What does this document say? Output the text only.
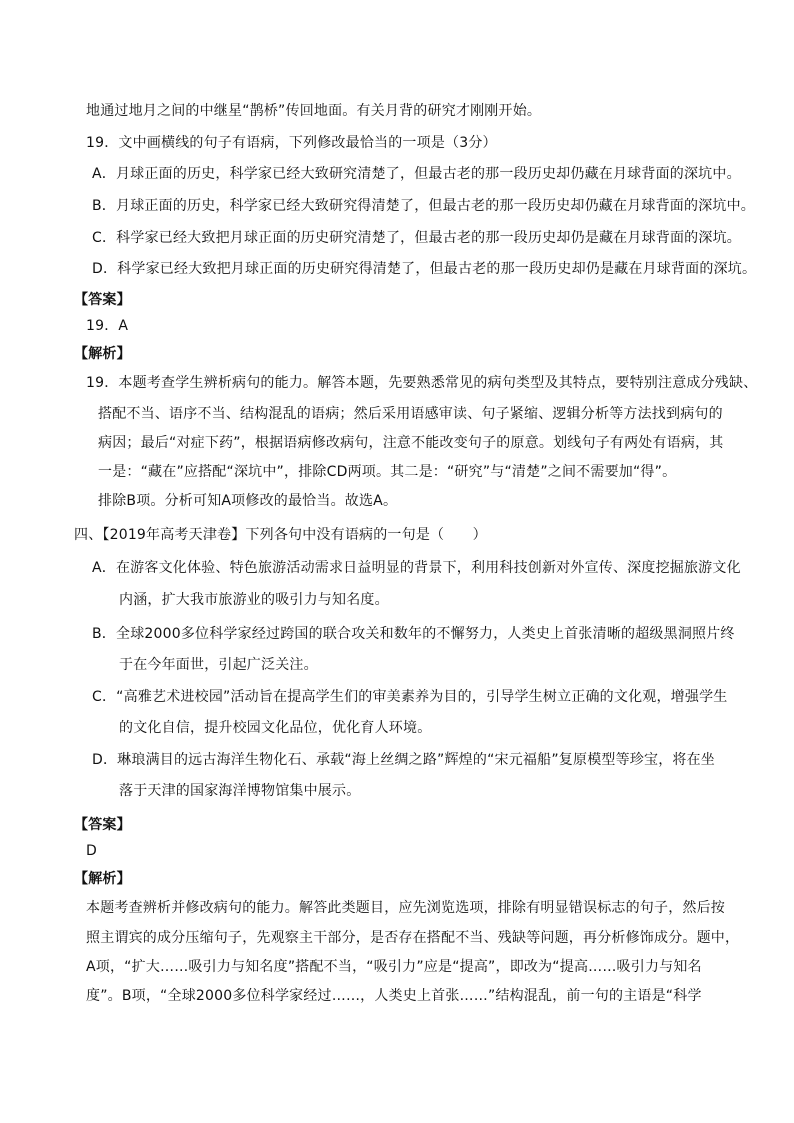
地通过地月之间的中继星“鹊桥”传回地面。有关月背的研究才刚刚开始。
19．文中画横线的句子有语病，下列修改最恰当的一项是（3分）
A．月球正面的历史，科学家已经大致研究清楚了，但最古老的那一段历史却仍藏在月球背面的深坑中。
B．月球正面的历史，科学家已经大致研究得清楚了，但最古老的那一段历史却仍藏在月球背面的深坑中。
C．科学家已经大致把月球正面的历史研究清楚了，但最古老的那一段历史却仍是藏在月球背面的深坑。
D．科学家已经大致把月球正面的历史研究得清楚了，但最古老的那一段历史却仍是藏在月球背面的深坑。
【答案】
19．A
【解析】
19．本题考查学生辨析病句的能力。解答本题，先要熟悉常见的病句类型及其特点，要特别注意成分残缺、
搭配不当、语序不当、结构混乱的语病；然后采用语感审读、句子紧缩、逻辑分析等方法找到病句的
病因；最后“对症下药”，根据语病修改病句，注意不能改变句子的原意。划线句子有两处有语病，其
一是：“藏在”应搭配“深坑中”，排除CD两项。其二是：“研究”与“清楚”之间不需要加“得”。
排除B项。分析可知A项修改的最恰当。故选A。
四、【2019年高考天津卷】下列各句中没有语病的一句是（　　）
A．在游客文化体验、特色旅游活动需求日益明显的背景下，利用科技创新对外宣传、深度挖掘旅游文化
内涵，扩大我市旅游业的吸引力与知名度。
B．全球2000多位科学家经过跨国的联合攻关和数年的不懈努力，人类史上首张清晰的超级黑洞照片终
于在今年面世，引起广泛关注。
C．“高雅艺术进校园”活动旨在提高学生们的审美素养为目的，引导学生树立正确的文化观，增强学生
的文化自信，提升校园文化品位，优化育人环境。
D．琳琅满目的远古海洋生物化石、承载“海上丝绸之路”辉煌的“宋元福船”复原模型等珍宝，将在坐
落于天津的国家海洋博物馆集中展示。
【答案】
D
【解析】
本题考查辨析并修改病句的能力。解答此类题目，应先浏览选项，排除有明显错误标志的句子，然后按
照主谓宾的成分压缩句子，先观察主干部分，是否存在搭配不当、残缺等问题，再分析修饰成分。题中，
A项，“扩大……吸引力与知名度”搭配不当，“吸引力”应是“提高”，即改为“提高……吸引力与知名
度”。B项，“全球2000多位科学家经过……，人类史上首张……”结构混乱，前一句的主语是“科学
